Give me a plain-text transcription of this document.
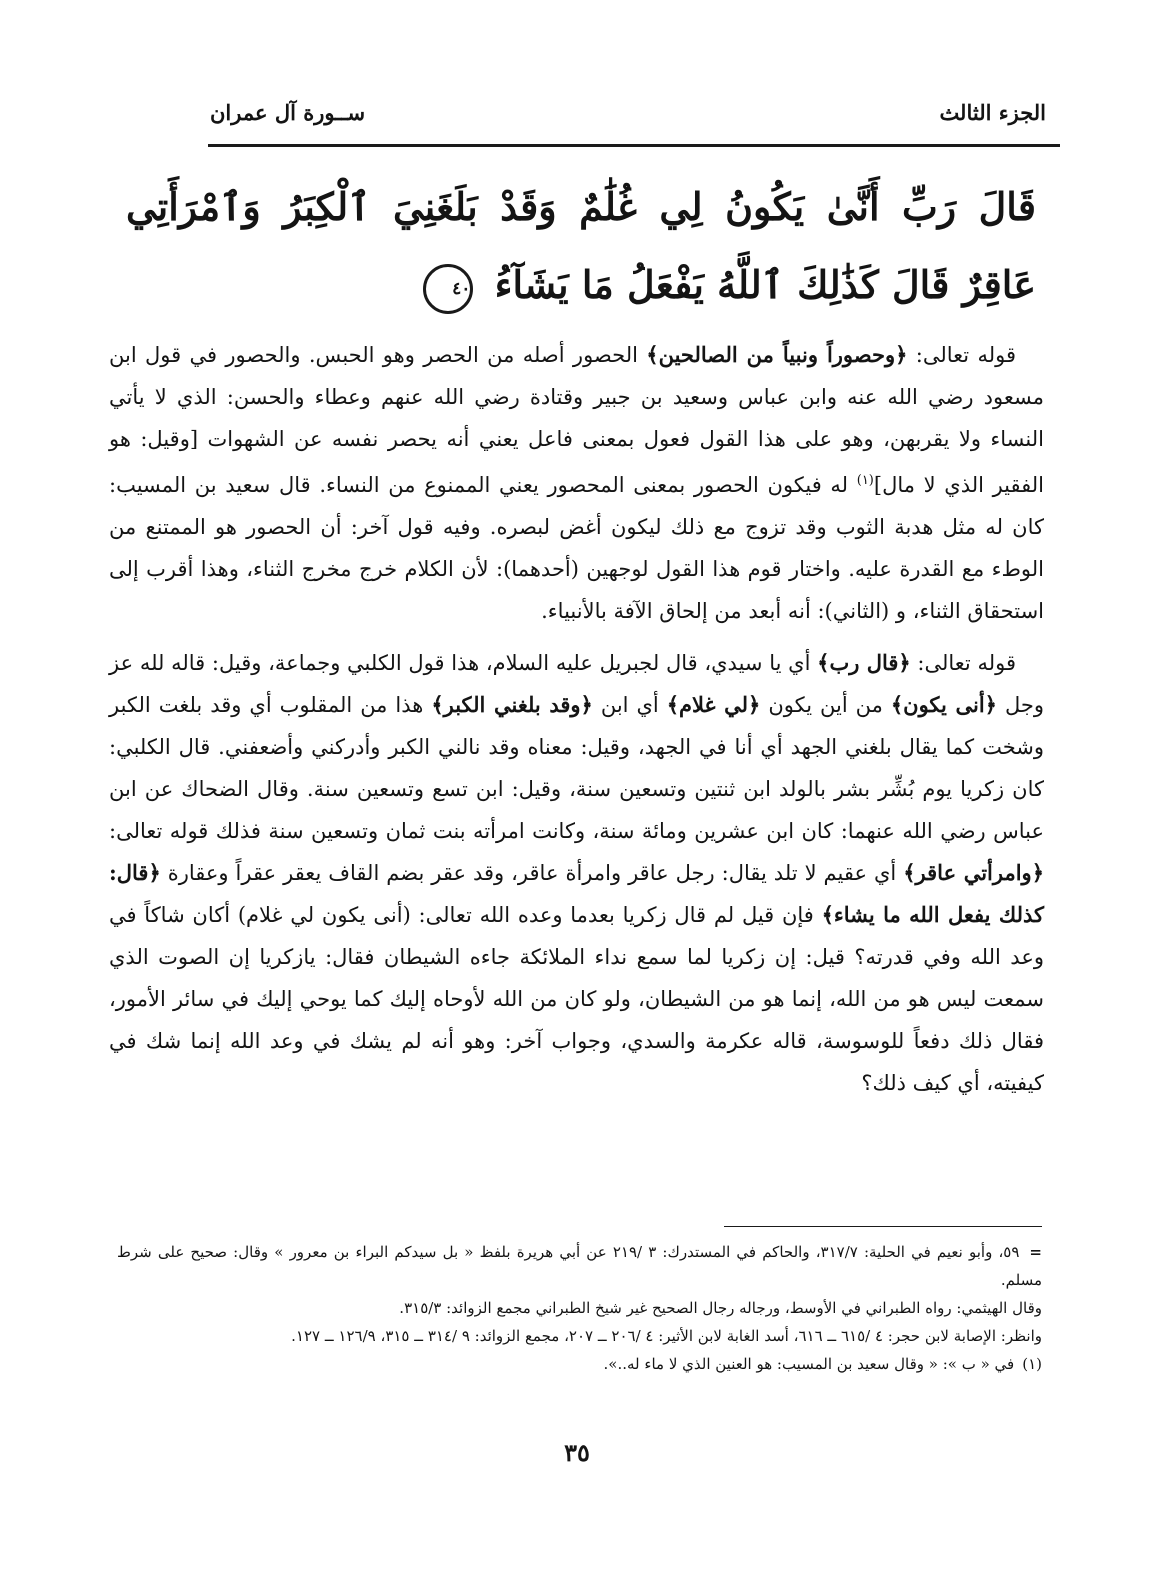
الجزء الثالث
ســورة آل عمران
قَالَ رَبِّ أَنَّىٰ يَكُونُ لِي غُلَٰمٌ وَقَدْ بَلَغَنِيَ ٱلْكِبَرُ وَٱمْرَأَتِي عَاقِرٌ قَالَ كَذَٰلِكَ ٱللَّهُ يَفْعَلُ مَا يَشَآءُ ٤٠

قوله تعالى: ﴿وحصوراً ونبياً من الصالحين﴾ الحصور أصله من الحصر وهو الحبس. والحصور في قول ابن مسعود رضي الله عنه وابن عباس وسعيد بن جبير وقتادة رضي الله عنهم وعطاء والحسن: الذي لا يأتي النساء ولا يقربهن، وهو على هذا القول فعول بمعنى فاعل يعني أنه يحصر نفسه عن الشهوات [وقيل: هو الفقير الذي لا مال]$^{(١)}$ له فيكون الحصور بمعنى المحصور يعني الممنوع من النساء. قال سعيد بن المسيب: كان له مثل هدبة الثوب وقد تزوج مع ذلك ليكون أغض لبصره. وفيه قول آخر: أن الحصور هو الممتنع من الوطء مع القدرة عليه. واختار قوم هذا القول لوجهين (أحدهما): لأن الكلام خرج مخرج الثناء، وهذا أقرب إلى استحقاق الثناء، و (الثاني): أنه أبعد من إلحاق الآفة بالأنبياء.

قوله تعالى: ﴿قال رب﴾ أي يا سيدي، قال لجبريل عليه السلام، هذا قول الكلبي وجماعة، وقيل: قاله لله عز وجل ﴿أنى يكون﴾ من أين يكون ﴿لي غلام﴾ أي ابن ﴿وقد بلغني الكبر﴾ هذا من المقلوب أي وقد بلغت الكبر وشخت كما يقال بلغني الجهد أي أنا في الجهد، وقيل: معناه وقد نالني الكبر وأدركني وأضعفني. قال الكلبي: كان زكريا يوم بُشِّر بشر بالولد ابن ثنتين وتسعين سنة، وقيل: ابن تسع وتسعين سنة. وقال الضحاك عن ابن عباس رضي الله عنهما: كان ابن عشرين ومائة سنة، وكانت امرأته بنت ثمان وتسعين سنة فذلك قوله تعالى: ﴿وامرأتي عاقر﴾ أي عقيم لا تلد يقال: رجل عاقر وامرأة عاقر، وقد عقر بضم القاف يعقر عقراً وعقارة ﴿قال: كذلك يفعل الله ما يشاء﴾ فإن قيل لم قال زكريا بعدما وعده الله تعالى: (أنى يكون لي غلام) أكان شاكاً في وعد الله وفي قدرته؟ قيل: إن زكريا لما سمع نداء الملائكة جاءه الشيطان فقال: يازكريا إن الصوت الذي سمعت ليس هو من الله، إنما هو من الشيطان، ولو كان من الله لأوحاه إليك كما يوحي إليك في سائر الأمور، فقال ذلك دفعاً للوسوسة، قاله عكرمة والسدي، وجواب آخر: وهو أنه لم يشك في وعد الله إنما شك في كيفيته، أي كيف ذلك؟

=٥٩، وأبو نعيم في الحلية: ٣١٧/٧، والحاكم في المستدرك: ٣ /٢١٩ عن أبي هريرة بلفظ « بل سيدكم البراء بن معرور » وقال: صحيح على شرط مسلم.

وقال الهيثمي: رواه الطبراني في الأوسط، ورجاله رجال الصحيح غير شيخ الطبراني مجمع الزوائد: ٣١٥/٣.

وانظر: الإصابة لابن حجر: ٤ /٦١٥ ــ ٦١٦، أسد الغابة لابن الأثير: ٤ /٢٠٦ ــ ٢٠٧، مجمع الزوائد: ٩ /٣١٤ ــ ٣١٥، ١٢٦/٩ ــ ١٢٧.

(١)في « ب »: « وقال سعيد بن المسيب: هو العنين الذي لا ماء له..».

٣٥
